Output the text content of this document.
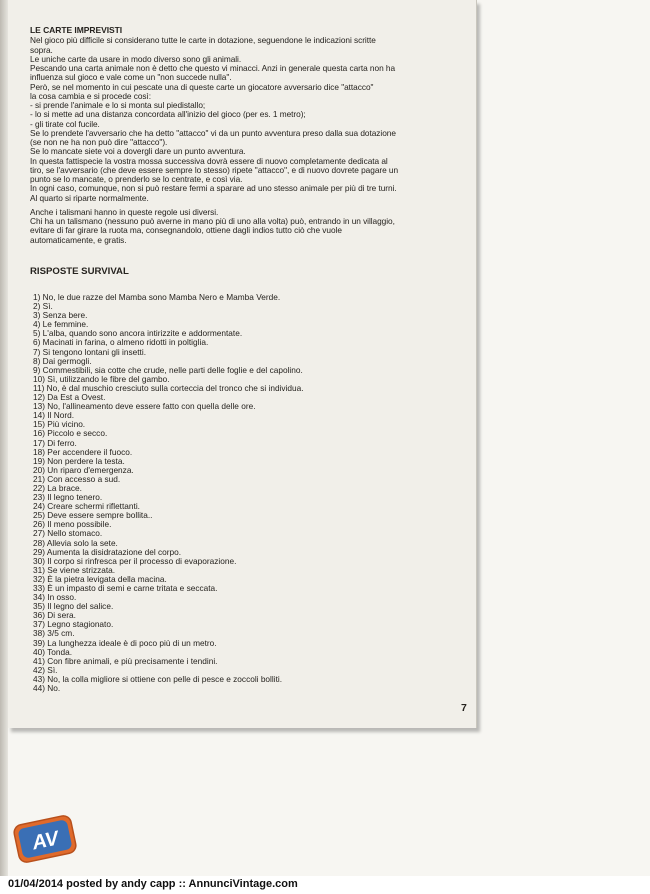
LE CARTE IMPREVISTI

Nel gioco più difficile si considerano tutte le carte in dotazione, seguendone le indicazioni scritte

sopra.

Le uniche carte da usare in modo diverso sono gli animali.

Pescando una carta animale non è detto che questo vi minacci. Anzi in generale questa carta non ha

influenza sul gioco e vale come un "non succede nulla".

Però, se nel momento in cui pescate una di queste carte un giocatore avversario dice "attacco"

la cosa cambia e si procede così:

- si prende l'animale e lo si monta sul piedistallo;

- lo si mette ad una distanza concordata all'inizio del gioco (per es. 1 metro);

- gli tirate col fucile.

Se lo prendete l'avversario che ha detto "attacco" vi da un punto avventura preso dalla sua dotazione

(se non ne ha non può dire "attacco").

Se lo mancate siete voi a dovergli dare un punto avventura.

In questa fattispecie la vostra mossa successiva dovrà essere di nuovo completamente dedicata al

tiro, se l'avversario (che deve essere sempre lo stesso) ripete "attacco", e di nuovo dovrete pagare un

punto se lo mancate, o prenderlo se lo centrate, e così via.

In ogni caso, comunque, non si può restare fermi a sparare ad uno stesso animale per più di tre turni.

Al quarto si riparte normalmente.

Anche i talismani hanno in queste regole usi diversi.

Chi ha un talismano (nessuno può averne in mano più di uno alla volta) può, entrando in un villaggio,

evitare di far girare la ruota ma, consegnandolo, ottiene dagli indios tutto ciò che vuole

automaticamente, e gratis.

RISPOSTE SURVIVAL
1) No, le due razze del Mamba sono Mamba Nero e Mamba Verde.
2) Sì.
3) Senza bere.
4) Le femmine.
5) L'alba, quando sono ancora intirizzite e addormentate.
6) Macinati in farina, o almeno ridotti in poltiglia.
7) Si tengono lontani gli insetti.
8) Dai germogli.
9) Commestibili, sia cotte che crude, nelle parti delle foglie e del capolino.
10) Sì, utilizzando le fibre del gambo.
11) No, è dal muschio cresciuto sulla corteccia del tronco che si individua.
12) Da Est a Ovest.
13) No, l'allineamento deve essere fatto con quella delle ore.
14) Il Nord.
15) Più vicino.
16) Piccolo e secco.
17) Di ferro.
18) Per accendere il fuoco.
19) Non perdere la testa.
20) Un riparo d'emergenza.
21) Con accesso a sud.
22) La brace.
23) Il legno tenero.
24) Creare schermi riflettanti.
25) Deve essere sempre bollita..
26) Il meno possibile.
27) Nello stomaco.
28) Allevia solo la sete.
29) Aumenta la disidratazione del corpo.
30) Il corpo si rinfresca per il processo di evaporazione.
31) Se viene strizzata.
32) È la pietra levigata della macina.
33) È un impasto di semi e carne tritata e seccata.
34) In osso.
35) Il legno del salice.
36) Di sera.
37) Legno stagionato.
38) 3/5 cm.
39) La lunghezza ideale è di poco più di un metro.
40) Tonda.
41) Con fibre animali, e più precisamente i tendini.
42) Sì.
43) No, la colla migliore si ottiene con pelle di pesce e zoccoli bolliti.
44) No.
7
AV
01/04/2014 posted by andy capp :: AnnunciVintage.com
